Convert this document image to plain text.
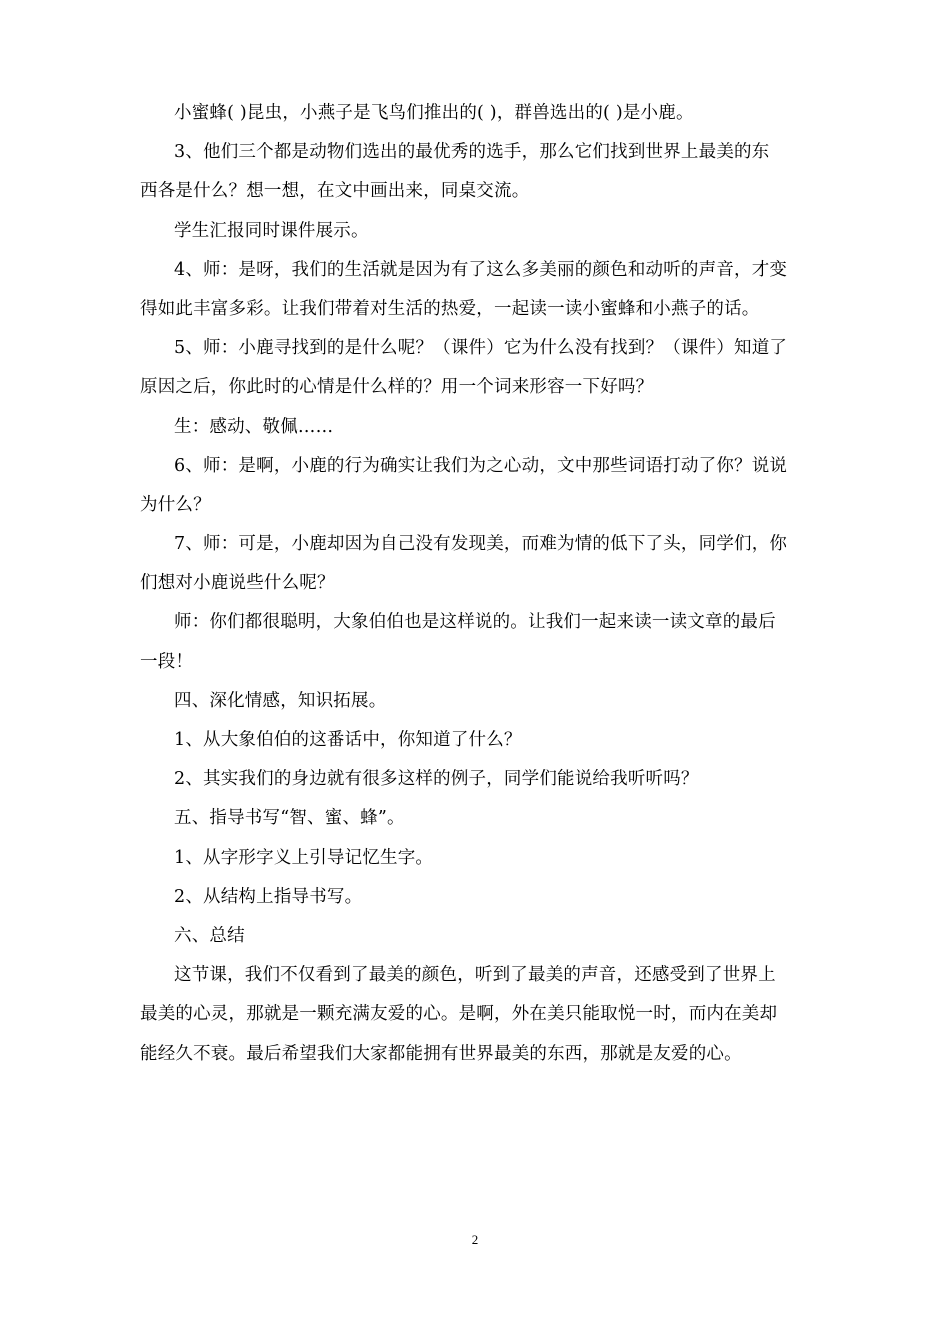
小蜜蜂( )昆虫，小燕子是飞鸟们推出的( )，群兽选出的( )是小鹿。
3、他们三个都是动物们选出的最优秀的选手，那么它们找到世界上最美的东
西各是什么？想一想，在文中画出来，同桌交流。
学生汇报同时课件展示。
4、师：是呀，我们的生活就是因为有了这么多美丽的颜色和动听的声音，才变
得如此丰富多彩。让我们带着对生活的热爱，一起读一读小蜜蜂和小燕子的话。
5、师：小鹿寻找到的是什么呢？（课件）它为什么没有找到？（课件）知道了
原因之后，你此时的心情是什么样的？用一个词来形容一下好吗？
生：感动、敬佩……
6、师：是啊，小鹿的行为确实让我们为之心动，文中那些词语打动了你？说说
为什么？
7、师：可是，小鹿却因为自己没有发现美，而难为情的低下了头，同学们，你
们想对小鹿说些什么呢？
师：你们都很聪明，大象伯伯也是这样说的。让我们一起来读一读文章的最后
一段！
四、深化情感，知识拓展。
1、从大象伯伯的这番话中，你知道了什么？
2、其实我们的身边就有很多这样的例子，同学们能说给我听听吗？
五、指导书写“智、蜜、蜂”。
1、从字形字义上引导记忆生字。
2、从结构上指导书写。
六、总结
这节课，我们不仅看到了最美的颜色，听到了最美的声音，还感受到了世界上
最美的心灵，那就是一颗充满友爱的心。是啊，外在美只能取悦一时，而内在美却
能经久不衰。最后希望我们大家都能拥有世界最美的东西，那就是友爱的心。
2
